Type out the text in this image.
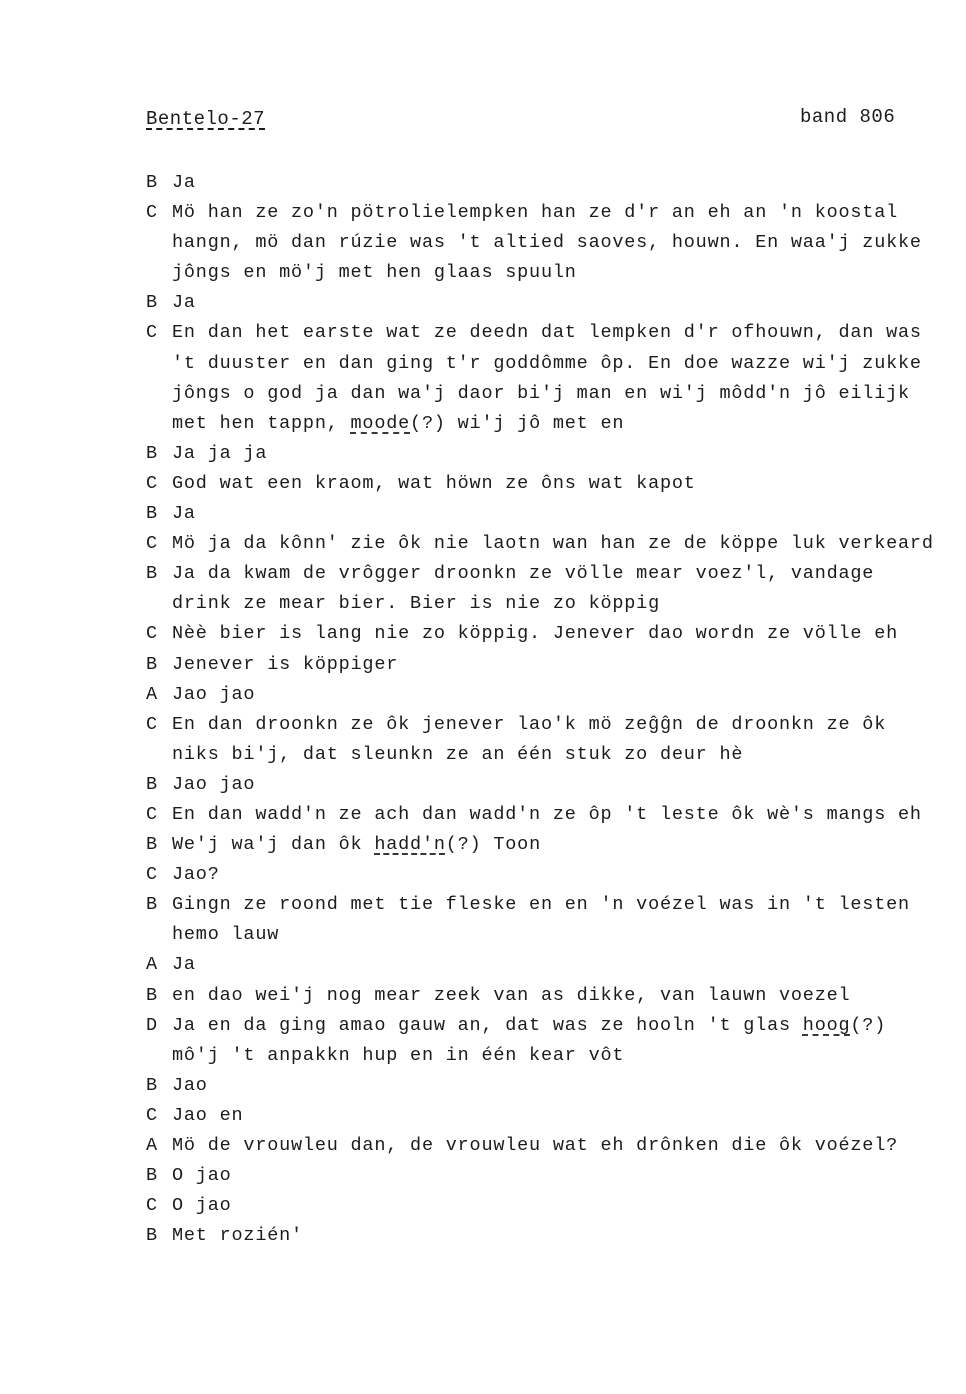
Bentelo-27	band 806
B Ja
C Mö han ze zo'n pötrolielempken han ze d'r an eh an 'n koostal hangn, mö dan rúzie was 't altied saoves, houwn. En waa'j zukke jôngs en mö'j met hen glaas spuuln
B Ja
C En dan het earste wat ze deedn dat lempken d'r ofhouwn, dan was 't duuster en dan ging t'r goddômme ôp. En doe wazze wi'j zukke jôngs o god ja dan wa'j daor bi'j man en wi'j môdd'n jô eilijk met hen tappn, moode(?) wi'j jô met en
B Ja ja ja
C God wat een kraom, wat höwn ze ôns wat kapot
B Ja
C Mö ja da kônn' zie ôk nie laotn wan han ze de köppe luk verkeard
B Ja da kwam de vrôgger droonkn ze völle mear voez'l, vandage drink ze mear bier. Bier is nie zo köppig
C Nèè bier is lang nie zo köppig. Jenever dao wordn ze völle eh
B Jenever is köppiger
A Jao jao
C En dan droonkn ze ôk jenever lao'k mö zeĝĝn de droonkn ze ôk niks bi'j, dat sleunkn ze an één stuk zo deur hè
B Jao jao
C En dan wadd'n ze ach dan wadd'n ze ôp 't leste ôk wè's mangs eh
B We'j wa'j dan ôk hadd'n(?) Toon
C Jao?
B Gingn ze roond met tie fleske en en 'n voézel was in 't lesten hemo lauw
A Ja
B en dao wei'j nog mear zeek van as dikke, van lauwn voezel
D Ja en da ging amao gauw an, dat was ze hooln 't glas hoog(?) mô'j 't anpakkn hup en in één kear vôt
B Jao
C Jao en
A Mö de vrouwleu dan, de vrouwleu wat eh drônken die ôk voézel?
B O jao
C O jao
B Met rozién'
